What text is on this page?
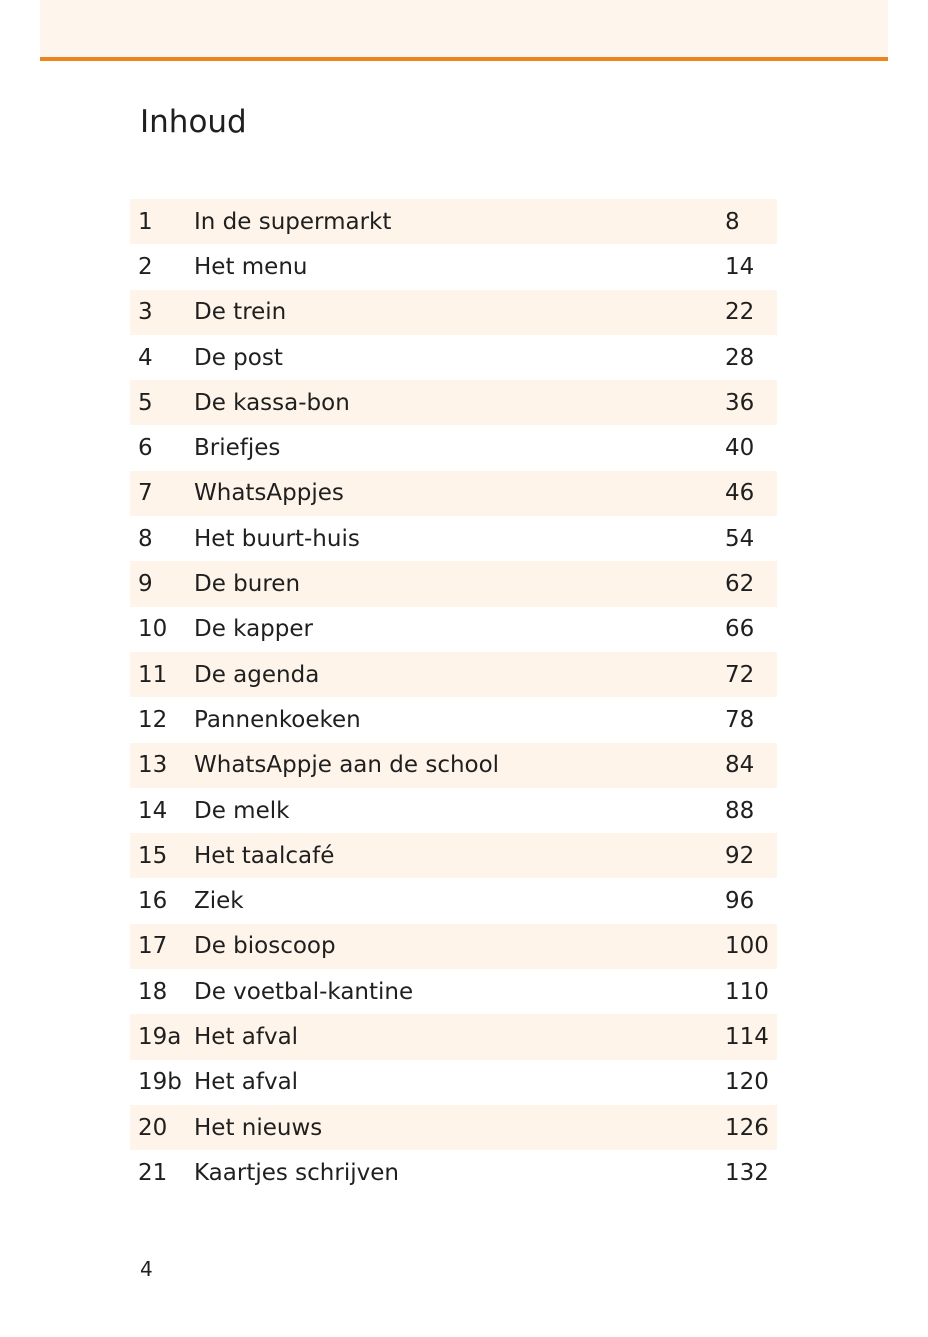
Inhoud
1	In de supermarkt	8
2	Het menu	14
3	De trein	22
4	De post	28
5	De kassa-bon	36
6	Briefjes	40
7	WhatsAppjes	46
8	Het buurt-huis	54
9	De buren	62
10	De kapper	66
11	De agenda	72
12	Pannenkoeken	78
13	WhatsAppje aan de school	84
14	De melk	88
15	Het taalcafé	92
16	Ziek	96
17	De bioscoop	100
18	De voetbal-kantine	110
19a Het afval	114
19b Het afval	120
20	Het nieuws	126
21	Kaartjes schrijven	132
4
